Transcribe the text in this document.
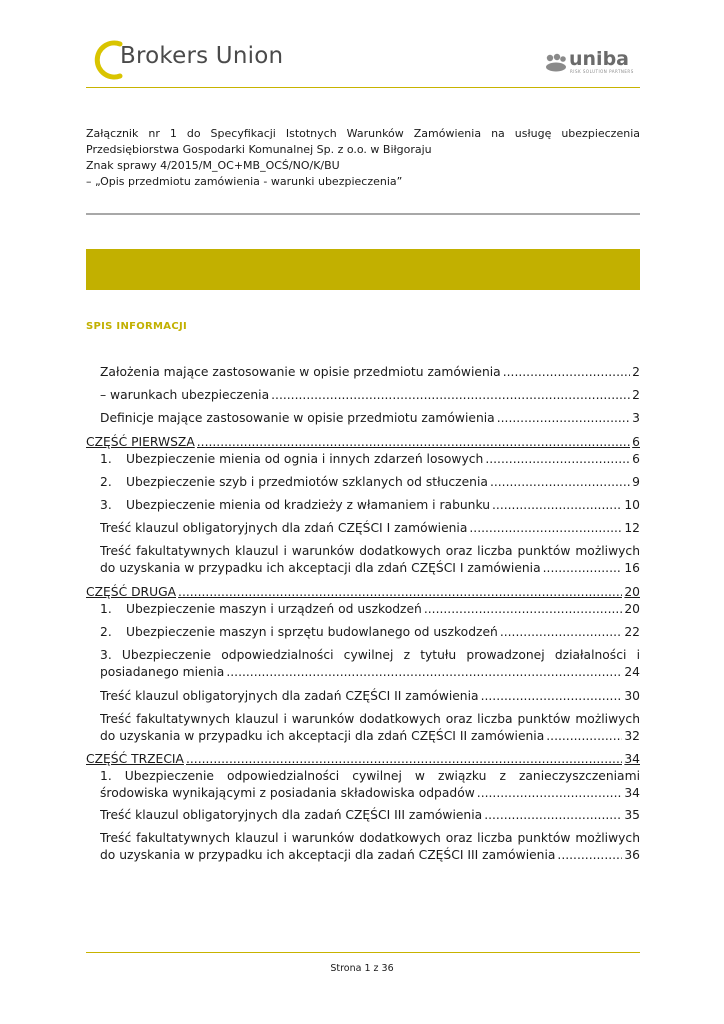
Brokers Union	uniba
RISK SOLUTION PARTNERS
Załącznik nr 1 do Specyfikacji Istotnych Warunków Zamówienia na usługę ubezpieczenia
Przedsiębiorstwa Gospodarki Komunalnej Sp. z o.o. w Biłgoraju
Znak sprawy 4/2015/M_OC+MB_OCŚ/NO/K/BU
– „Opis przedmiotu zamówienia - warunki ubezpieczenia”
SPIS INFORMACJI
Założenia mające zastosowanie w opisie przedmiotu zamówienia .....	2
– warunkach ubezpieczenia .....	2
Definicje mające zastosowanie w opisie przedmiotu zamówienia .....	3
CZĘŚĆ PIERWSZA .....	6
1. Ubezpieczenie mienia od ognia i innych zdarzeń losowych .....	6
2. Ubezpieczenie szyb i przedmiotów szklanych od stłuczenia .....	9
3. Ubezpieczenie mienia od kradzieży z włamaniem i rabunku .....	10
Treść klauzul obligatoryjnych dla zdań CZĘŚCI I zamówienia .....	12
Treść fakultatywnych klauzul i warunków dodatkowych oraz liczba punktów możliwych
do uzyskania w przypadku ich akceptacji dla zdań CZĘŚCI I zamówienia .....	16
CZĘŚĆ DRUGA .....	20
1. Ubezpieczenie maszyn i urządzeń od uszkodzeń .....	20
2. Ubezpieczenie maszyn i sprzętu budowlanego od uszkodzeń .....	22
3. Ubezpieczenie odpowiedzialności cywilnej z tytułu prowadzonej działalności i
posiadanego mienia .....	24
Treść klauzul obligatoryjnych dla zadań CZĘŚCI II zamówienia .....	30
Treść fakultatywnych klauzul i warunków dodatkowych oraz liczba punktów możliwych
do uzyskania w przypadku ich akceptacji dla zdań CZĘŚCI II zamówienia .....	32
CZĘŚĆ TRZECIA .....	34
1. Ubezpieczenie odpowiedzialności cywilnej w związku z zanieczyszczeniami
środowiska wynikającymi z posiadania składowiska odpadów .....	34
Treść klauzul obligatoryjnych dla zadań CZĘŚCI III zamówienia .....	35
Treść fakultatywnych klauzul i warunków dodatkowych oraz liczba punktów możliwych
do uzyskania w przypadku ich akceptacji dla zadań CZĘŚCI III zamówienia .....	36
Strona 1 z 36
